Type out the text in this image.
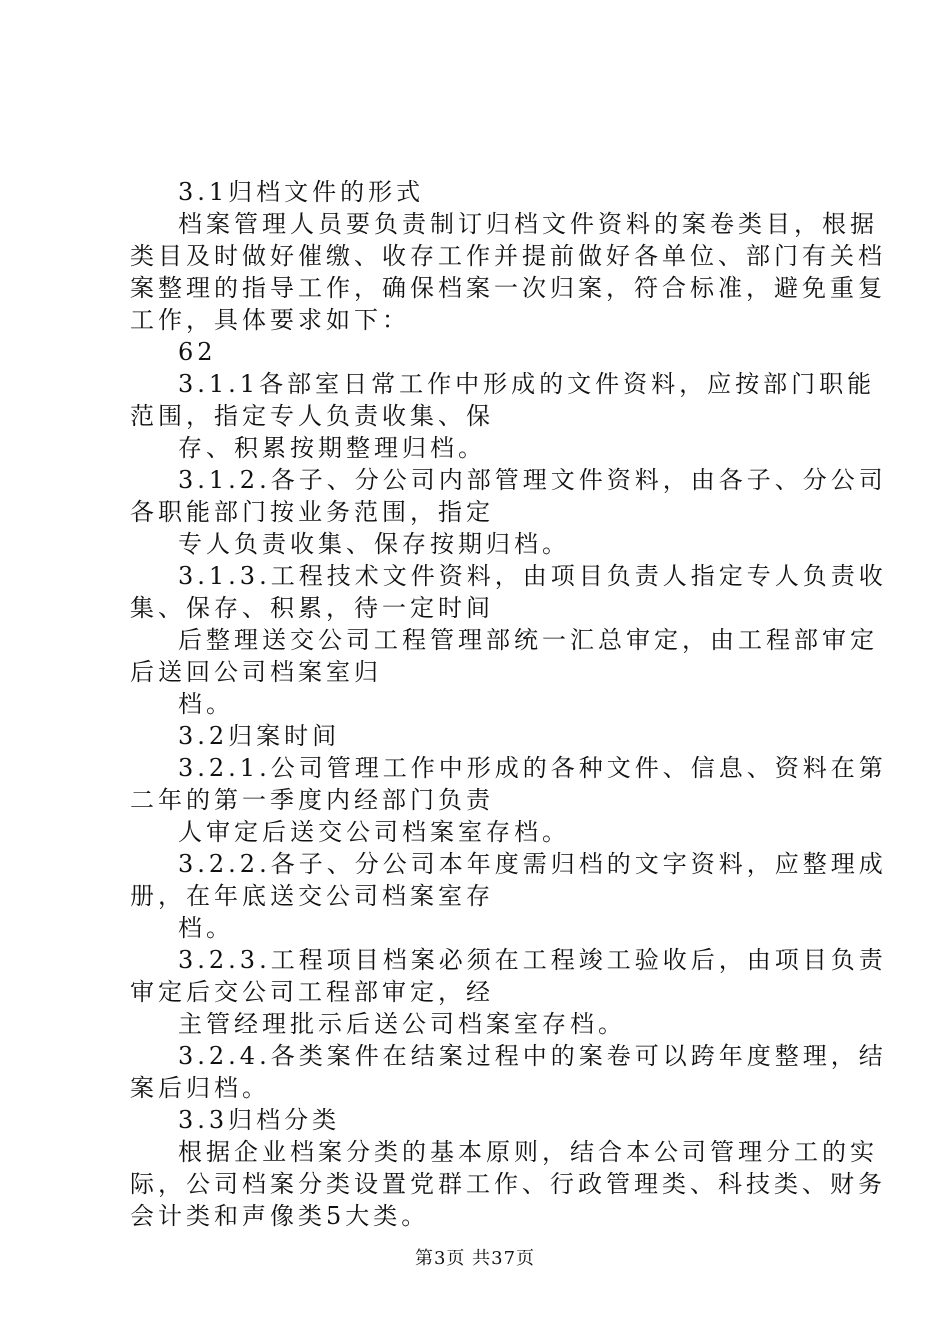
3.1归档文件的形式
档案管理人员要负责制订归档文件资料的案卷类目，根据
类目及时做好催缴、收存工作并提前做好各单位、部门有关档
案整理的指导工作，确保档案一次归案，符合标准，避免重复
工作，具体要求如下：
62
3.1.1各部室日常工作中形成的文件资料，应按部门职能
范围，指定专人负责收集、保
存、积累按期整理归档。
3.1.2.各子、分公司内部管理文件资料，由各子、分公司
各职能部门按业务范围，指定
专人负责收集、保存按期归档。
3.1.3.工程技术文件资料，由项目负责人指定专人负责收
集、保存、积累，待一定时间
后整理送交公司工程管理部统一汇总审定，由工程部审定
后送回公司档案室归
档。
3.2归案时间
3.2.1.公司管理工作中形成的各种文件、信息、资料在第
二年的第一季度内经部门负责
人审定后送交公司档案室存档。
3.2.2.各子、分公司本年度需归档的文字资料，应整理成
册，在年底送交公司档案室存
档。
3.2.3.工程项目档案必须在工程竣工验收后，由项目负责
审定后交公司工程部审定，经
主管经理批示后送公司档案室存档。
3.2.4.各类案件在结案过程中的案卷可以跨年度整理，结
案后归档。
3.3归档分类
根据企业档案分类的基本原则，结合本公司管理分工的实
际，公司档案分类设置党群工作、行政管理类、科技类、财务
会计类和声像类5大类。
第3页 共37页
